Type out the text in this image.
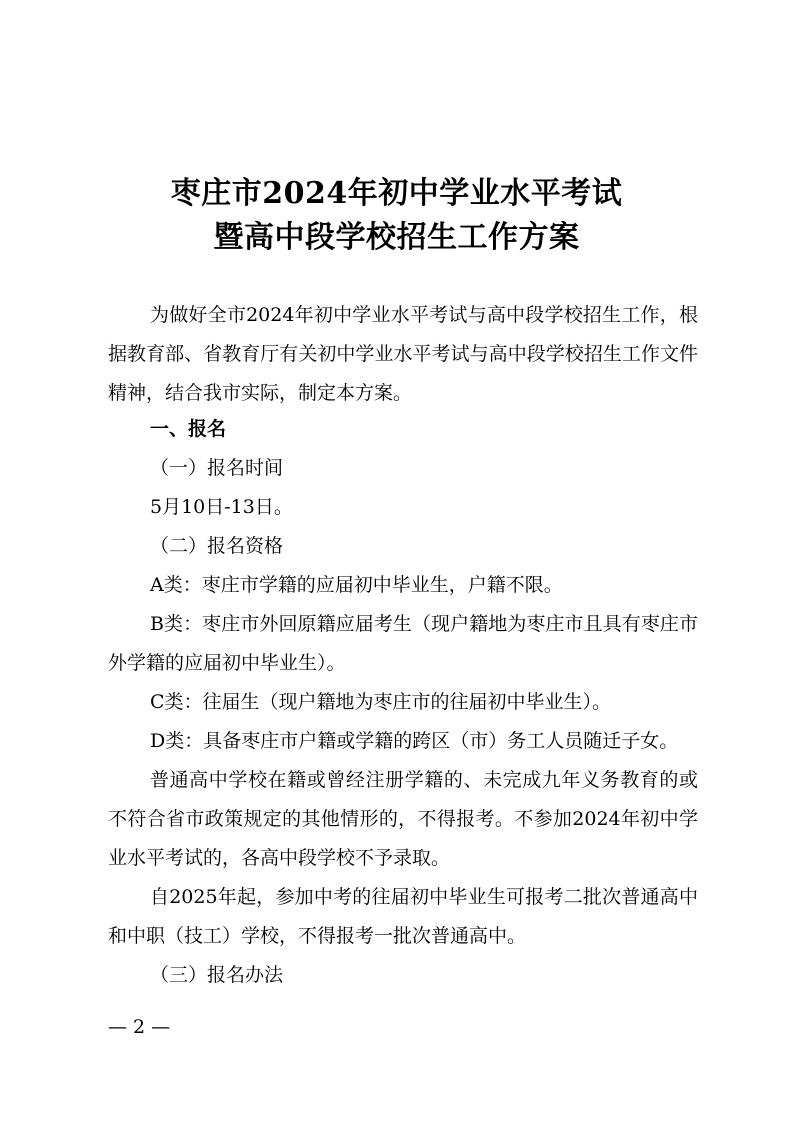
枣庄市2024年初中学业水平考试
暨高中段学校招生工作方案

为做好全市2024年初中学业水平考试与高中段学校招生工作，根据教育部、省教育厅有关初中学业水平考试与高中段学校招生工作文件精神，结合我市实际，制定本方案。

一、报名
（一）报名时间
5月10日-13日。
（二）报名资格
A类：枣庄市学籍的应届初中毕业生，户籍不限。

B类：枣庄市外回原籍应届考生（现户籍地为枣庄市且具有枣庄市外学籍的应届初中毕业生）。

C类：往届生（现户籍地为枣庄市的往届初中毕业生）。
D类：具备枣庄市户籍或学籍的跨区（市）务工人员随迁子女。

普通高中学校在籍或曾经注册学籍的、未完成九年义务教育的或不符合省市政策规定的其他情形的，不得报考。不参加2024年初中学业水平考试的，各高中段学校不予录取。

自2025年起，参加中考的往届初中毕业生可报考二批次普通高中和中职（技工）学校，不得报考一批次普通高中。

（三）报名办法
— 2 —
